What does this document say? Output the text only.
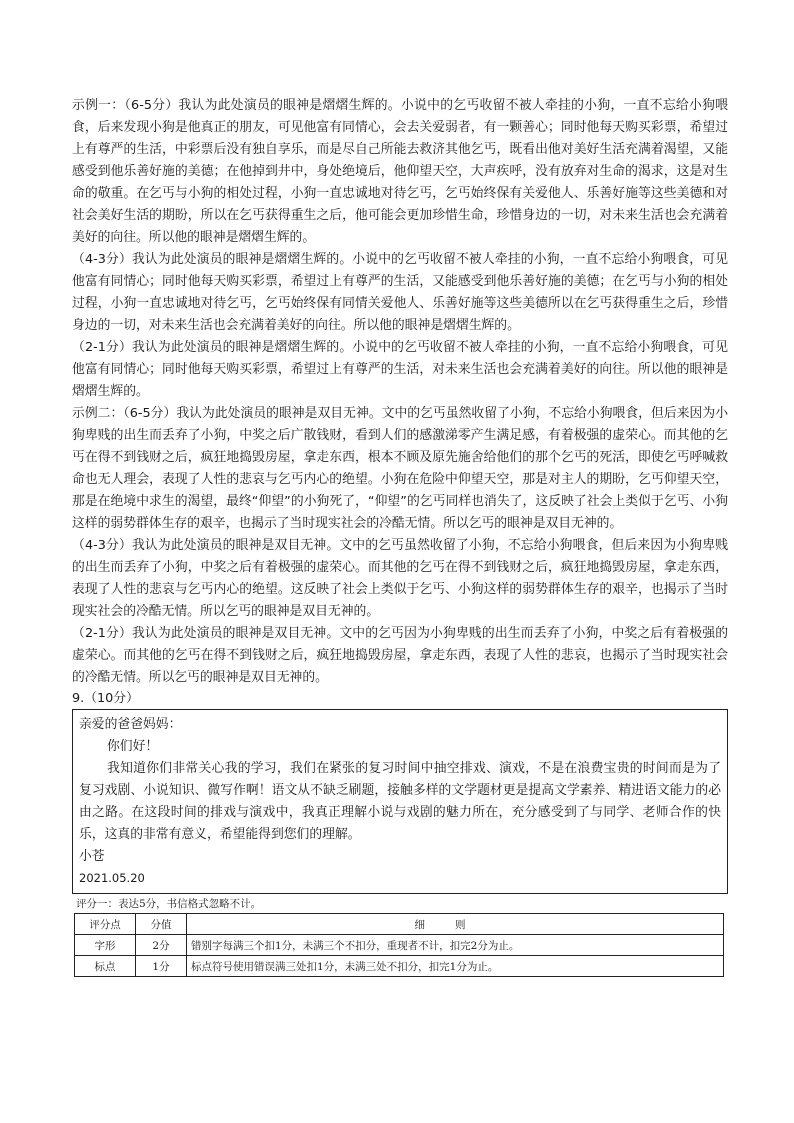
示例一：（6-5分）我认为此处演员的眼神是熠熠生辉的。小说中的乞丐收留不被人牵挂的小狗，一直不忘给小狗喂食，后来发现小狗是他真正的朋友，可见他富有同情心，会去关爱弱者，有一颗善心；同时他每天购买彩票，希望过上有尊严的生活，中彩票后没有独自享乐，而是尽自己所能去救济其他乞丐，既看出他对美好生活充满着渴望，又能感受到他乐善好施的美德；在他掉到井中，身处绝境后，他仰望天空，大声疾呼，没有放弃对生命的渴求，这是对生命的敬重。在乞丐与小狗的相处过程，小狗一直忠诚地对待乞丐，乞丐始终保有关爱他人、乐善好施等这些美德和对社会美好生活的期盼，所以在乞丐获得重生之后，他可能会更加珍惜生命，珍惜身边的一切，对未来生活也会充满着美好的向往。所以他的眼神是熠熠生辉的。

（4-3分）我认为此处演员的眼神是熠熠生辉的。小说中的乞丐收留不被人牵挂的小狗，一直不忘给小狗喂食，可见他富有同情心；同时他每天购买彩票，希望过上有尊严的生活，又能感受到他乐善好施的美德；在乞丐与小狗的相处过程，小狗一直忠诚地对待乞丐，乞丐始终保有同情关爱他人、乐善好施等这些美德所以在乞丐获得重生之后，珍惜身边的一切，对未来生活也会充满着美好的向往。所以他的眼神是熠熠生辉的。

（2-1分）我认为此处演员的眼神是熠熠生辉的。小说中的乞丐收留不被人牵挂的小狗，一直不忘给小狗喂食，可见他富有同情心；同时他每天购买彩票，希望过上有尊严的生活，对未来生活也会充满着美好的向往。所以他的眼神是熠熠生辉的。

示例二：（6-5分）我认为此处演员的眼神是双目无神。文中的乞丐虽然收留了小狗，不忘给小狗喂食，但后来因为小狗卑贱的出生而丢弃了小狗，中奖之后广散钱财，看到人们的感激涕零产生满足感，有着极强的虚荣心。而其他的乞丐在得不到钱财之后，疯狂地捣毁房屋，拿走东西，根本不顾及原先施舍给他们的那个乞丐的死活，即使乞丐呼喊救命也无人理会，表现了人性的悲哀与乞丐内心的绝望。小狗在危险中仰望天空，那是对主人的期盼，乞丐仰望天空，那是在绝境中求生的渴望，最终“仰望”的小狗死了，“仰望”的乞丐同样也消失了，这反映了社会上类似于乞丐、小狗这样的弱势群体生存的艰辛，也揭示了当时现实社会的冷酷无情。所以乞丐的眼神是双目无神的。

（4-3分）我认为此处演员的眼神是双目无神。文中的乞丐虽然收留了小狗，不忘给小狗喂食，但后来因为小狗卑贱的出生而丢弃了小狗，中奖之后有着极强的虚荣心。而其他的乞丐在得不到钱财之后，疯狂地捣毁房屋，拿走东西，表现了人性的悲哀与乞丐内心的绝望。这反映了社会上类似于乞丐、小狗这样的弱势群体生存的艰辛，也揭示了当时现实社会的冷酷无情。所以乞丐的眼神是双目无神的。

（2-1分）我认为此处演员的眼神是双目无神。文中的乞丐因为小狗卑贱的出生而丢弃了小狗，中奖之后有着极强的虚荣心。而其他的乞丐在得不到钱财之后，疯狂地捣毁房屋，拿走东西，表现了人性的悲哀，也揭示了当时现实社会的冷酷无情。所以乞丐的眼神是双目无神的。

9.（10分）

亲爱的爸爸妈妈：

你们好！

我知道你们非常关心我的学习，我们在紧张的复习时间中抽空排戏、演戏，不是在浪费宝贵的时间而是为了复习戏剧、小说知识、微写作啊！语文从不缺乏刷题，接触多样的文学题材更是提高文学素养、精进语文能力的必由之路。在这段时间的排戏与演戏中，我真正理解小说与戏剧的魅力所在，充分感受到了与同学、老师合作的快乐，这真的非常有意义，希望能得到您们的理解。

小苍

2021.05.20

评分一：表达5分，书信格式忽略不计。

评分点	分值	细则
字形	2分	错别字每满三个扣1分，未满三个不扣分，重现者不计，扣完2分为止。
标点	1分	标点符号使用错误满三处扣1分，未满三处不扣分，扣完1分为止。
